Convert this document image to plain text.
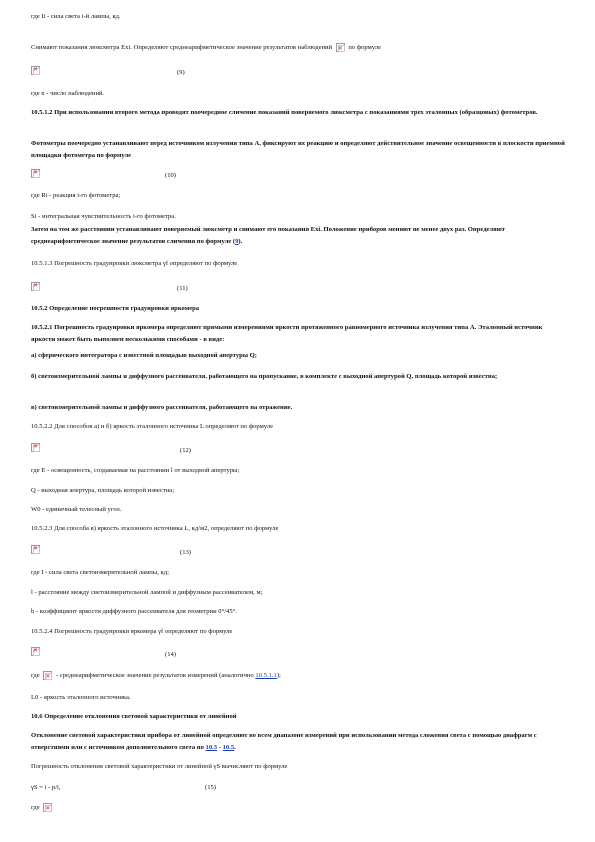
где Ii - сила света i-й лампы, кд.
Снимают показания люксметра Exi. Определяют среднеарифметическое значение результатов наблюдений ✕ по формуле
✕
(9)
где n - число наблюдений.
10.5.1.2 При использовании второго метода проводят поочередное сличение показаний поверяемого люксметра с показаниями трех эталонных (образцовых) фотометров.
Фотометры поочередно устанавливают перед источником излучения типа А, фиксируют их реакцию и определяют действительное значение освещенности в плоскости приемной площадки фотометра по формуле
✕
(10)
где Ri - реакция i-го фотометра;
Si - интегральная чувствительность i-го фотометра.
Затем на том же расстоянии устанавливают поверяемый люксметр и снимают его показания Exi. Положение приборов меняют не менее двух раз. Определяют среднеарифметическое значение результатов сличения по формуле (9).
10.5.1.3 Погрешность градуировки люксметра γf определяют по формуле
✕
(11)
10.5.2 Определение погрешности градуировки яркомера
10.5.2.1 Погрешность градуировки яркомера определяют прямыми измерениями яркости протяженного равномерного источника излучения типа А. Эталонный источник яркости может быть выполнен несколькими способами - в виде:
а) сферического интегратора с известной площадью выходной апертуры Q;
б) светоизмерительной лампы и диффузного рассеивателя, работающего на пропускание, в комплекте с выходной апертурой Q, площадь которой известна;
в) светоизмерительной лампы и диффузного рассеивателя, работающего на отражение.
10.5.2.2 Для способов а) и б) яркость эталонного источника L определяют по формуле
✕
(12)
где E - освещенность, создаваемая на расстоянии l от выходной апертуры;
Q - выходная апертура, площадь которой известна;
W0 - единичный телесный угол.
10.5.2.3 Для способа в) яркость эталонного источника L, кд/м2, определяют по формуле
✕
(13)
где I - сила света светоизмерительной лампы, кд;
l - расстояние между светоизмерительной лампой и диффузным рассеивателем, м;
b - коэффициент яркости диффузного рассеивателя для геометрии 0°/45°.
10.5.2.4 Погрешность градуировки яркомера γf определяют по формуле
✕
(14)
где ✕ - среднеарифметическое значение результатов измерений (аналогично 10.5.1.1);
L0 - яркость эталонного источника.
10.6 Определение отклонения световой характеристики от линейной
Отклонение световой характеристики прибора от линейной определяют во всем диапазоне измерений при использовании метода сложения света с помощью диафрагм с отверстиями или с источником дополнительного света по 10.3 - 10.5.
Погрешность отклонения световой характеристики от линейной γS вычисляют по формуле
γS = i - p/i,	(15)
где ✕
